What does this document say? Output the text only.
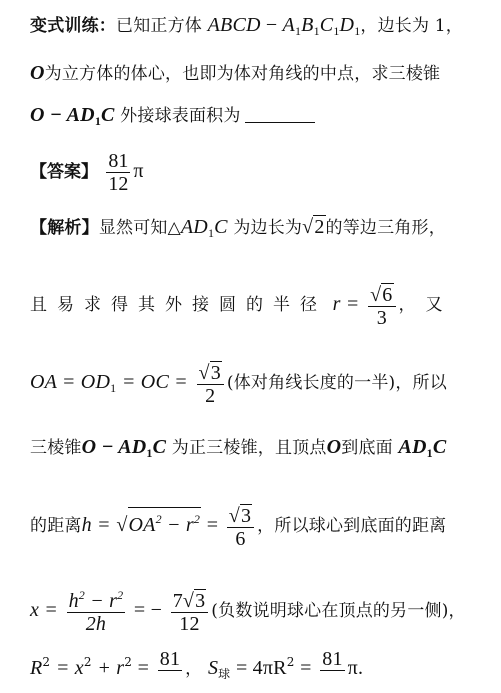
变式训练：已知正方体 ABCD − $A_1B_1C_1D_1$，边长为 1，
O为立方体的体心，也即为体对角线的中点，求三棱锥
$O - AD_1C$ 外接球表面积为
【答案】 $\frac{81}{12}$ π
【解析】显然可知$\triangle AD_1C$ 为边长为√2的等边三角形，
且易求得其外接圆的半径 $r = \frac{√6}{3}$ ，又
OA = $OD_1$ = OC = $\frac{√3}{2}$ (体对角线长度的一半)，所以
三棱锥$O - AD_1C$ 为正三棱锥，且顶点O到底面 $AD_1C$
的距离$h = √OA^2 - r^2 = \frac{√3}{6}$ ，所以球心到底面的距离
$x = \frac{h^2 - r^2}{2h}$ = − $\frac{7√3}{12}$ (负数说明球心在顶点的另一侧)，
$R^2 = x^2 + r^2 = 81$
， $S_球 = 4\pi R^2 = 81$
π.
